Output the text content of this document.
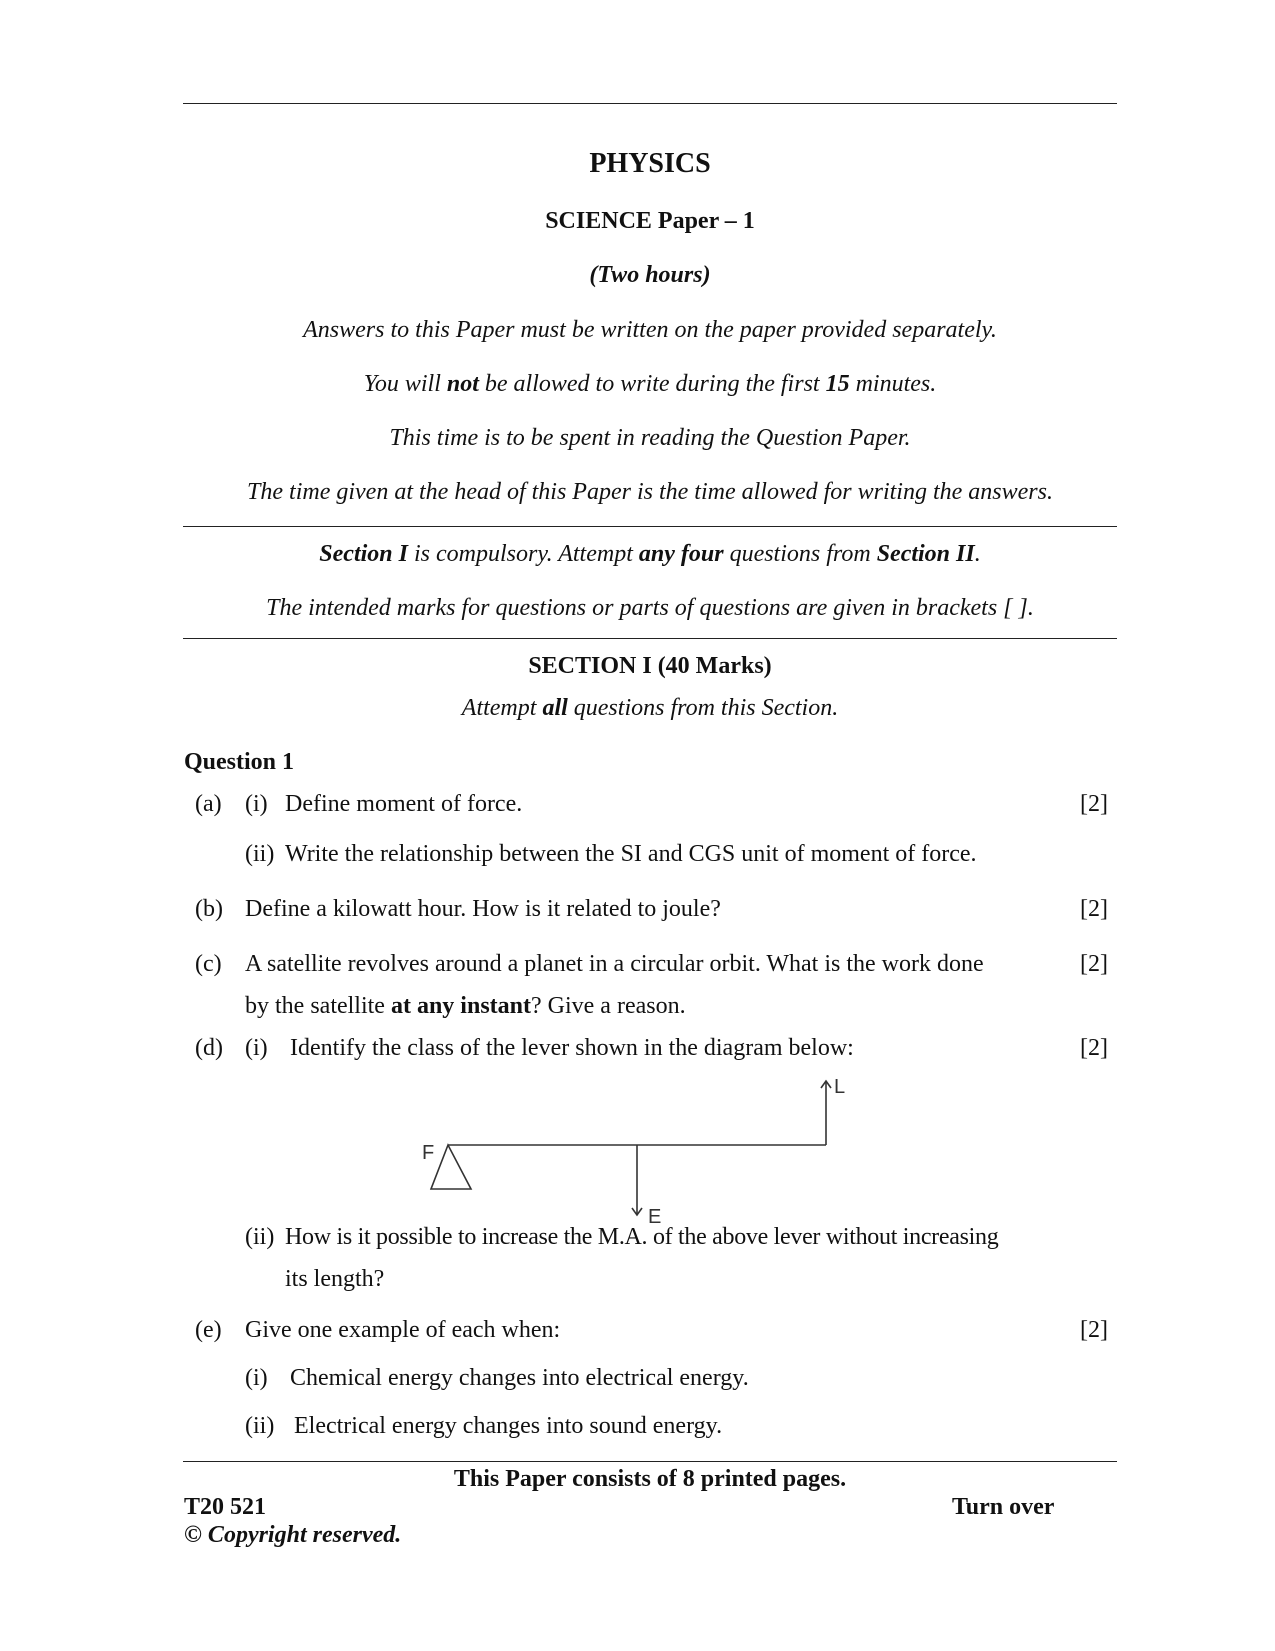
PHYSICS
SCIENCE Paper – 1
(Two hours)
Answers to this Paper must be written on the paper provided separately.
You will not be allowed to write during the first 15 minutes.
This time is to be spent in reading the Question Paper.
The time given at the head of this Paper is the time allowed for writing the answers.
Section I is compulsory. Attempt any four questions from Section II.
The intended marks for questions or parts of questions are given in brackets [ ].
SECTION I (40 Marks)
Attempt all questions from this Section.
Question 1
(a) (i) Define moment of force.	[2]
(ii) Write the relationship between the SI and CGS unit of moment of force.
(b) Define a kilowatt hour. How is it related to joule?	[2]
(c) A satellite revolves around a planet in a circular orbit. What is the work done	[2]
by the satellite at any instant? Give a reason.
(d) (i) Identify the class of the lever shown in the diagram below:	[2]
F
L
E
(ii) How is it possible to increase the M.A. of the above lever without increasing
its length?
(e) Give one example of each when:	[2]
(i) Chemical energy changes into electrical energy.
(ii) Electrical energy changes into sound energy.
This Paper consists of 8 printed pages.
T20 521	Turn over
© Copyright reserved.
